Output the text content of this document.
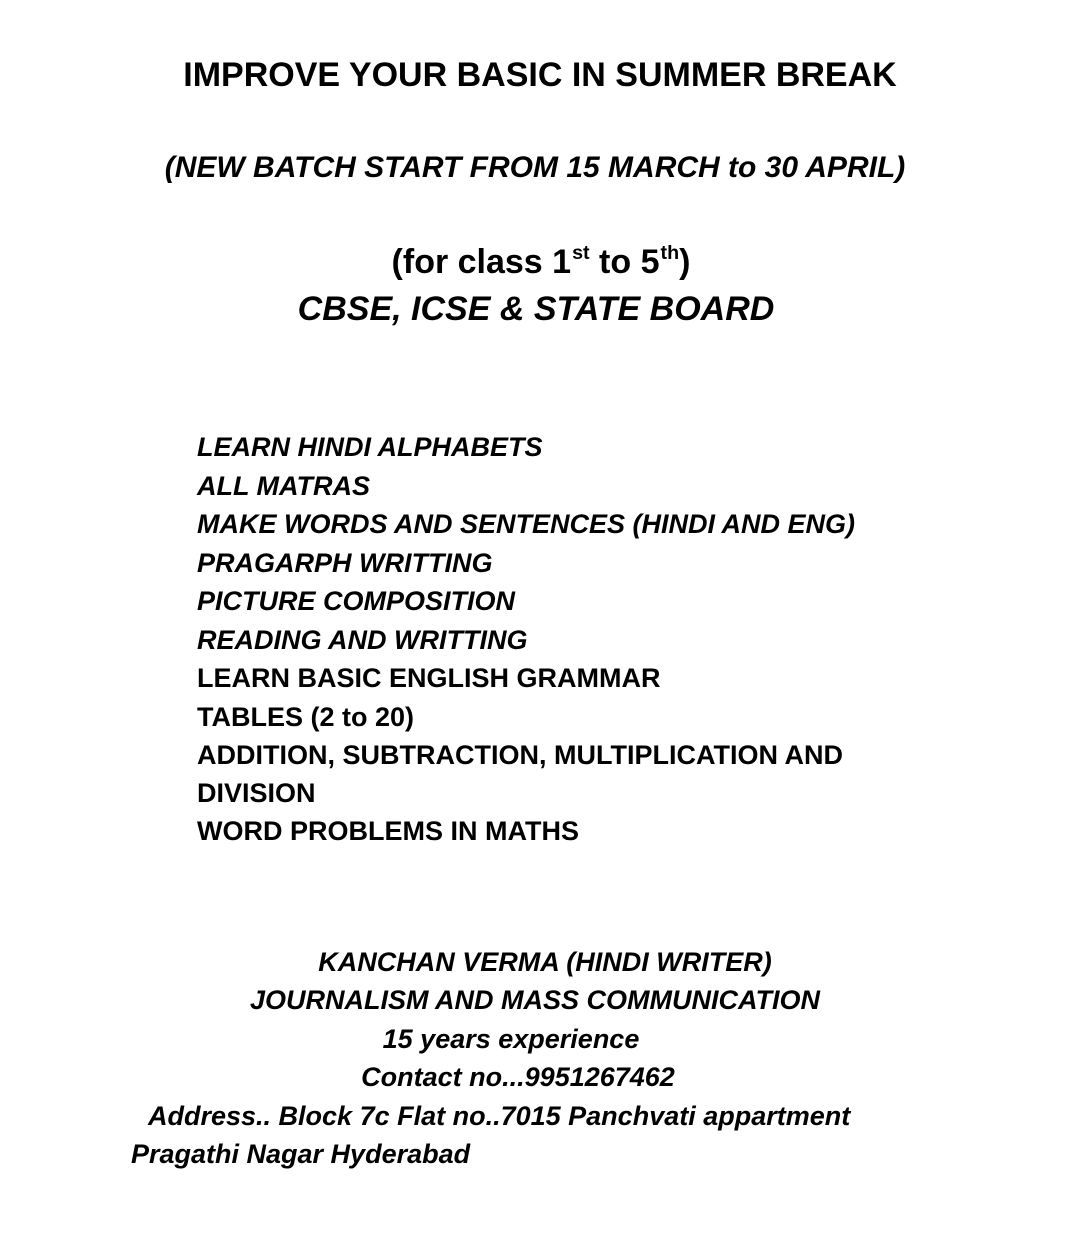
IMPROVE YOUR BASIC IN SUMMER BREAK
(NEW BATCH START FROM 15 MARCH to 30 APRIL)
(for class 1st to 5th)
CBSE, ICSE & STATE BOARD
LEARN HINDI ALPHABETS
ALL MATRAS
MAKE WORDS AND SENTENCES (HINDI AND ENG)
PRAGARPH WRITTING
PICTURE COMPOSITION
READING AND WRITTING
LEARN BASIC ENGLISH GRAMMAR
TABLES (2 to 20)
ADDITION, SUBTRACTION, MULTIPLICATION AND
DIVISION
WORD PROBLEMS IN MATHS
KANCHAN VERMA (HINDI WRITER)
JOURNALISM AND MASS COMMUNICATION
15 years experience
Contact no...9951267462
Address.. Block 7c Flat no..7015 Panchvati appartment
Pragathi Nagar Hyderabad
